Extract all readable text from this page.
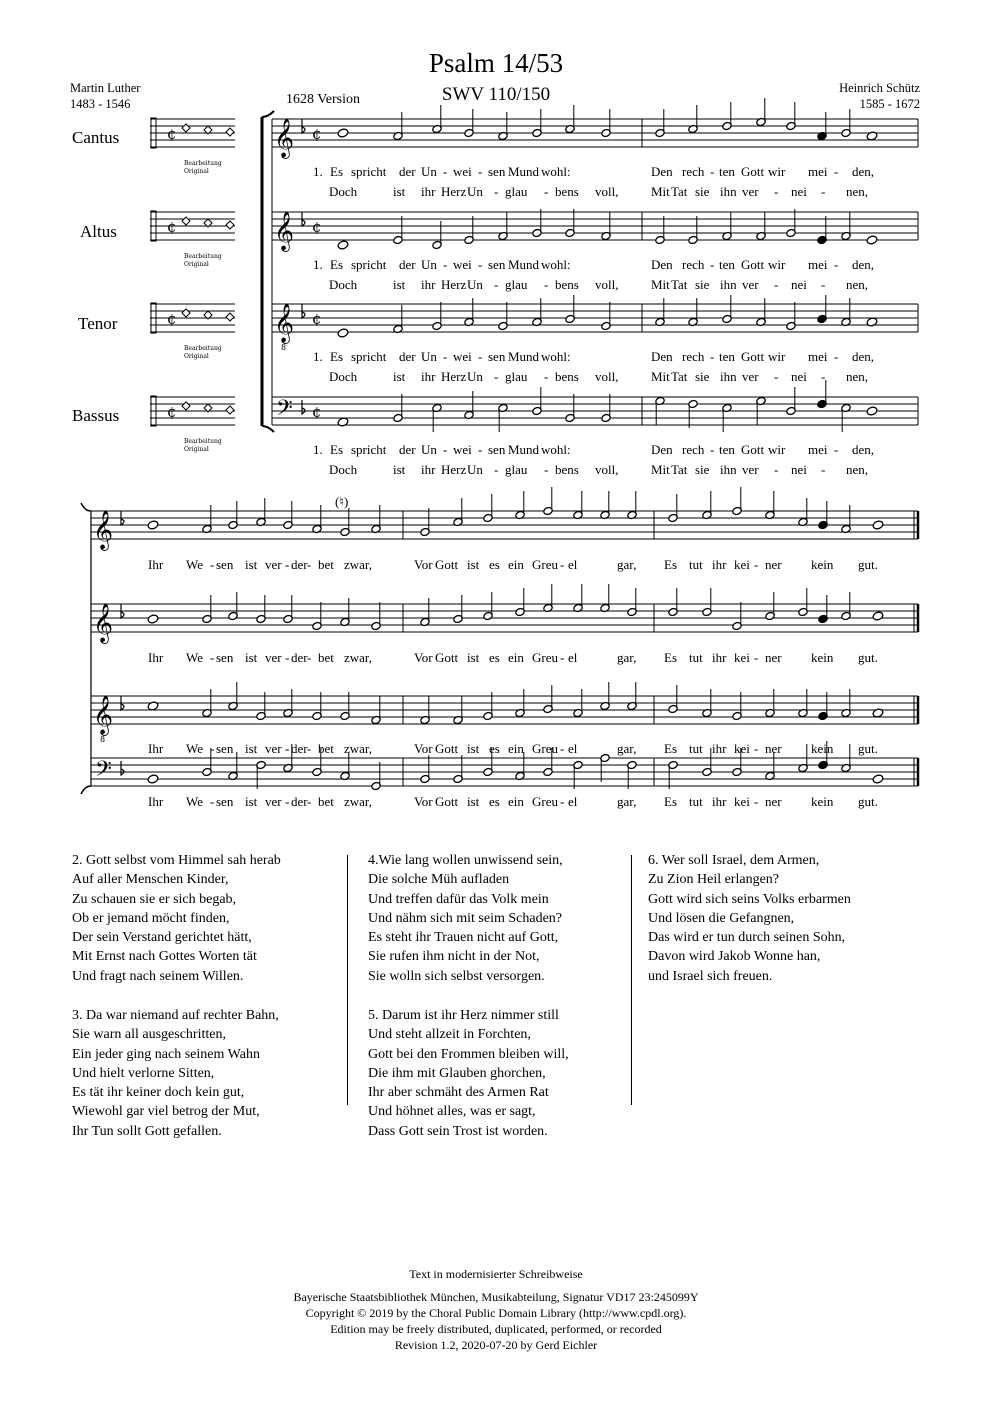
Psalm 14/53
SWV 110/150
1628 Version
Martin Luther
1483 - 1546
Heinrich Schütz
1585 - 1672
Cantus
Altus
Tenor
Bassus
¢
Bearbeitung
Original
𝄞 ¢
¢
Bearbeitung
Original
𝄞 ¢
¢
Bearbeitung
Original
𝄞
8
¢
¢
Bearbeitung
Original
𝄢 ¢
𝄞
𝄞
𝄞
8
𝄢
1. Es spricht der Un - wei - sen Mund wohl:	Den rech - ten Gott wir mei - den,
Doch	ist ihr Herz Un - glau - bens voll,	Mit Tat sie ihn ver - nei - nen,
1. Es spricht der Un - wei - sen Mund wohl:	Den rech - ten Gott wir mei - den,
Doch	ist ihr Herz Un - glau - bens voll,	Mit Tat sie ihn ver - nei - nen,
1. Es spricht der Un - wei - sen Mund wohl:	Den rech - ten Gott wir mei - den,
Doch	ist ihr Herz Un - glau - bens voll,	Mit Tat sie ihn ver - nei - nen,
1. Es spricht der Un - wei - sen Mund wohl:	Den rech - ten Gott wir mei - den,
Doch	ist ihr Herz Un - glau - bens voll,	Mit Tat sie ihn ver - nei - nen,
Ihr We - sen ist ver - der - bet zwar,	Vor Gott ist es ein Greu - el	gar, Es tut ihr kei - ner kein gut.
Ihr We - sen ist ver - der - bet zwar,	Vor Gott ist es ein Greu - el	gar, Es tut ihr kei - ner kein gut.
Ihr We - sen ist ver - der - bet zwar,	Vor Gott ist es ein Greu - el	gar, Es tut ihr kei - ner kein gut.
Ihr We - sen ist ver - der - bet zwar,	Vor Gott ist es ein Greu - el	gar, Es tut ihr kei - ner kein gut.
(♮)
2. Gott selbst vom Himmel sah herab
Auf aller Menschen Kinder,
Zu schauen sie er sich begab,
Ob er jemand möcht finden,
Der sein Verstand gerichtet hätt,
Mit Ernst nach Gottes Worten tät
Und fragt nach seinem Willen.
3. Da war niemand auf rechter Bahn,
Sie warn all ausgeschritten,
Ein jeder ging nach seinem Wahn
Und hielt verlorne Sitten,
Es tät ihr keiner doch kein gut,
Wiewohl gar viel betrog der Mut,
Ihr Tun sollt Gott gefallen.
4.Wie lang wollen unwissend sein,
Die solche Müh aufladen
Und treffen dafür das Volk mein
Und nähm sich mit seim Schaden?
Es steht ihr Trauen nicht auf Gott,
Sie rufen ihm nicht in der Not,
Sie wolln sich selbst versorgen.
5. Darum ist ihr Herz nimmer still
Und steht allzeit in Forchten,
Gott bei den Frommen bleiben will,
Die ihm mit Glauben ghorchen,
Ihr aber schmäht des Armen Rat
Und höhnet alles, was er sagt,
Dass Gott sein Trost ist worden.
6. Wer soll Israel, dem Armen,
Zu Zion Heil erlangen?
Gott wird sich seins Volks erbarmen
Und lösen die Gefangnen,
Das wird er tun durch seinen Sohn,
Davon wird Jakob Wonne han,
und Israel sich freuen.
Text in modernisierter Schreibweise
Bayerische Staatsbibliothek München, Musikabteilung, Signatur VD17 23:245099Y
Copyright © 2019 by the Choral Public Domain Library (http://www.cpdl.org).
Edition may be freely distributed, duplicated, performed, or recorded
Revision 1.2, 2020-07-20 by Gerd Eichler
